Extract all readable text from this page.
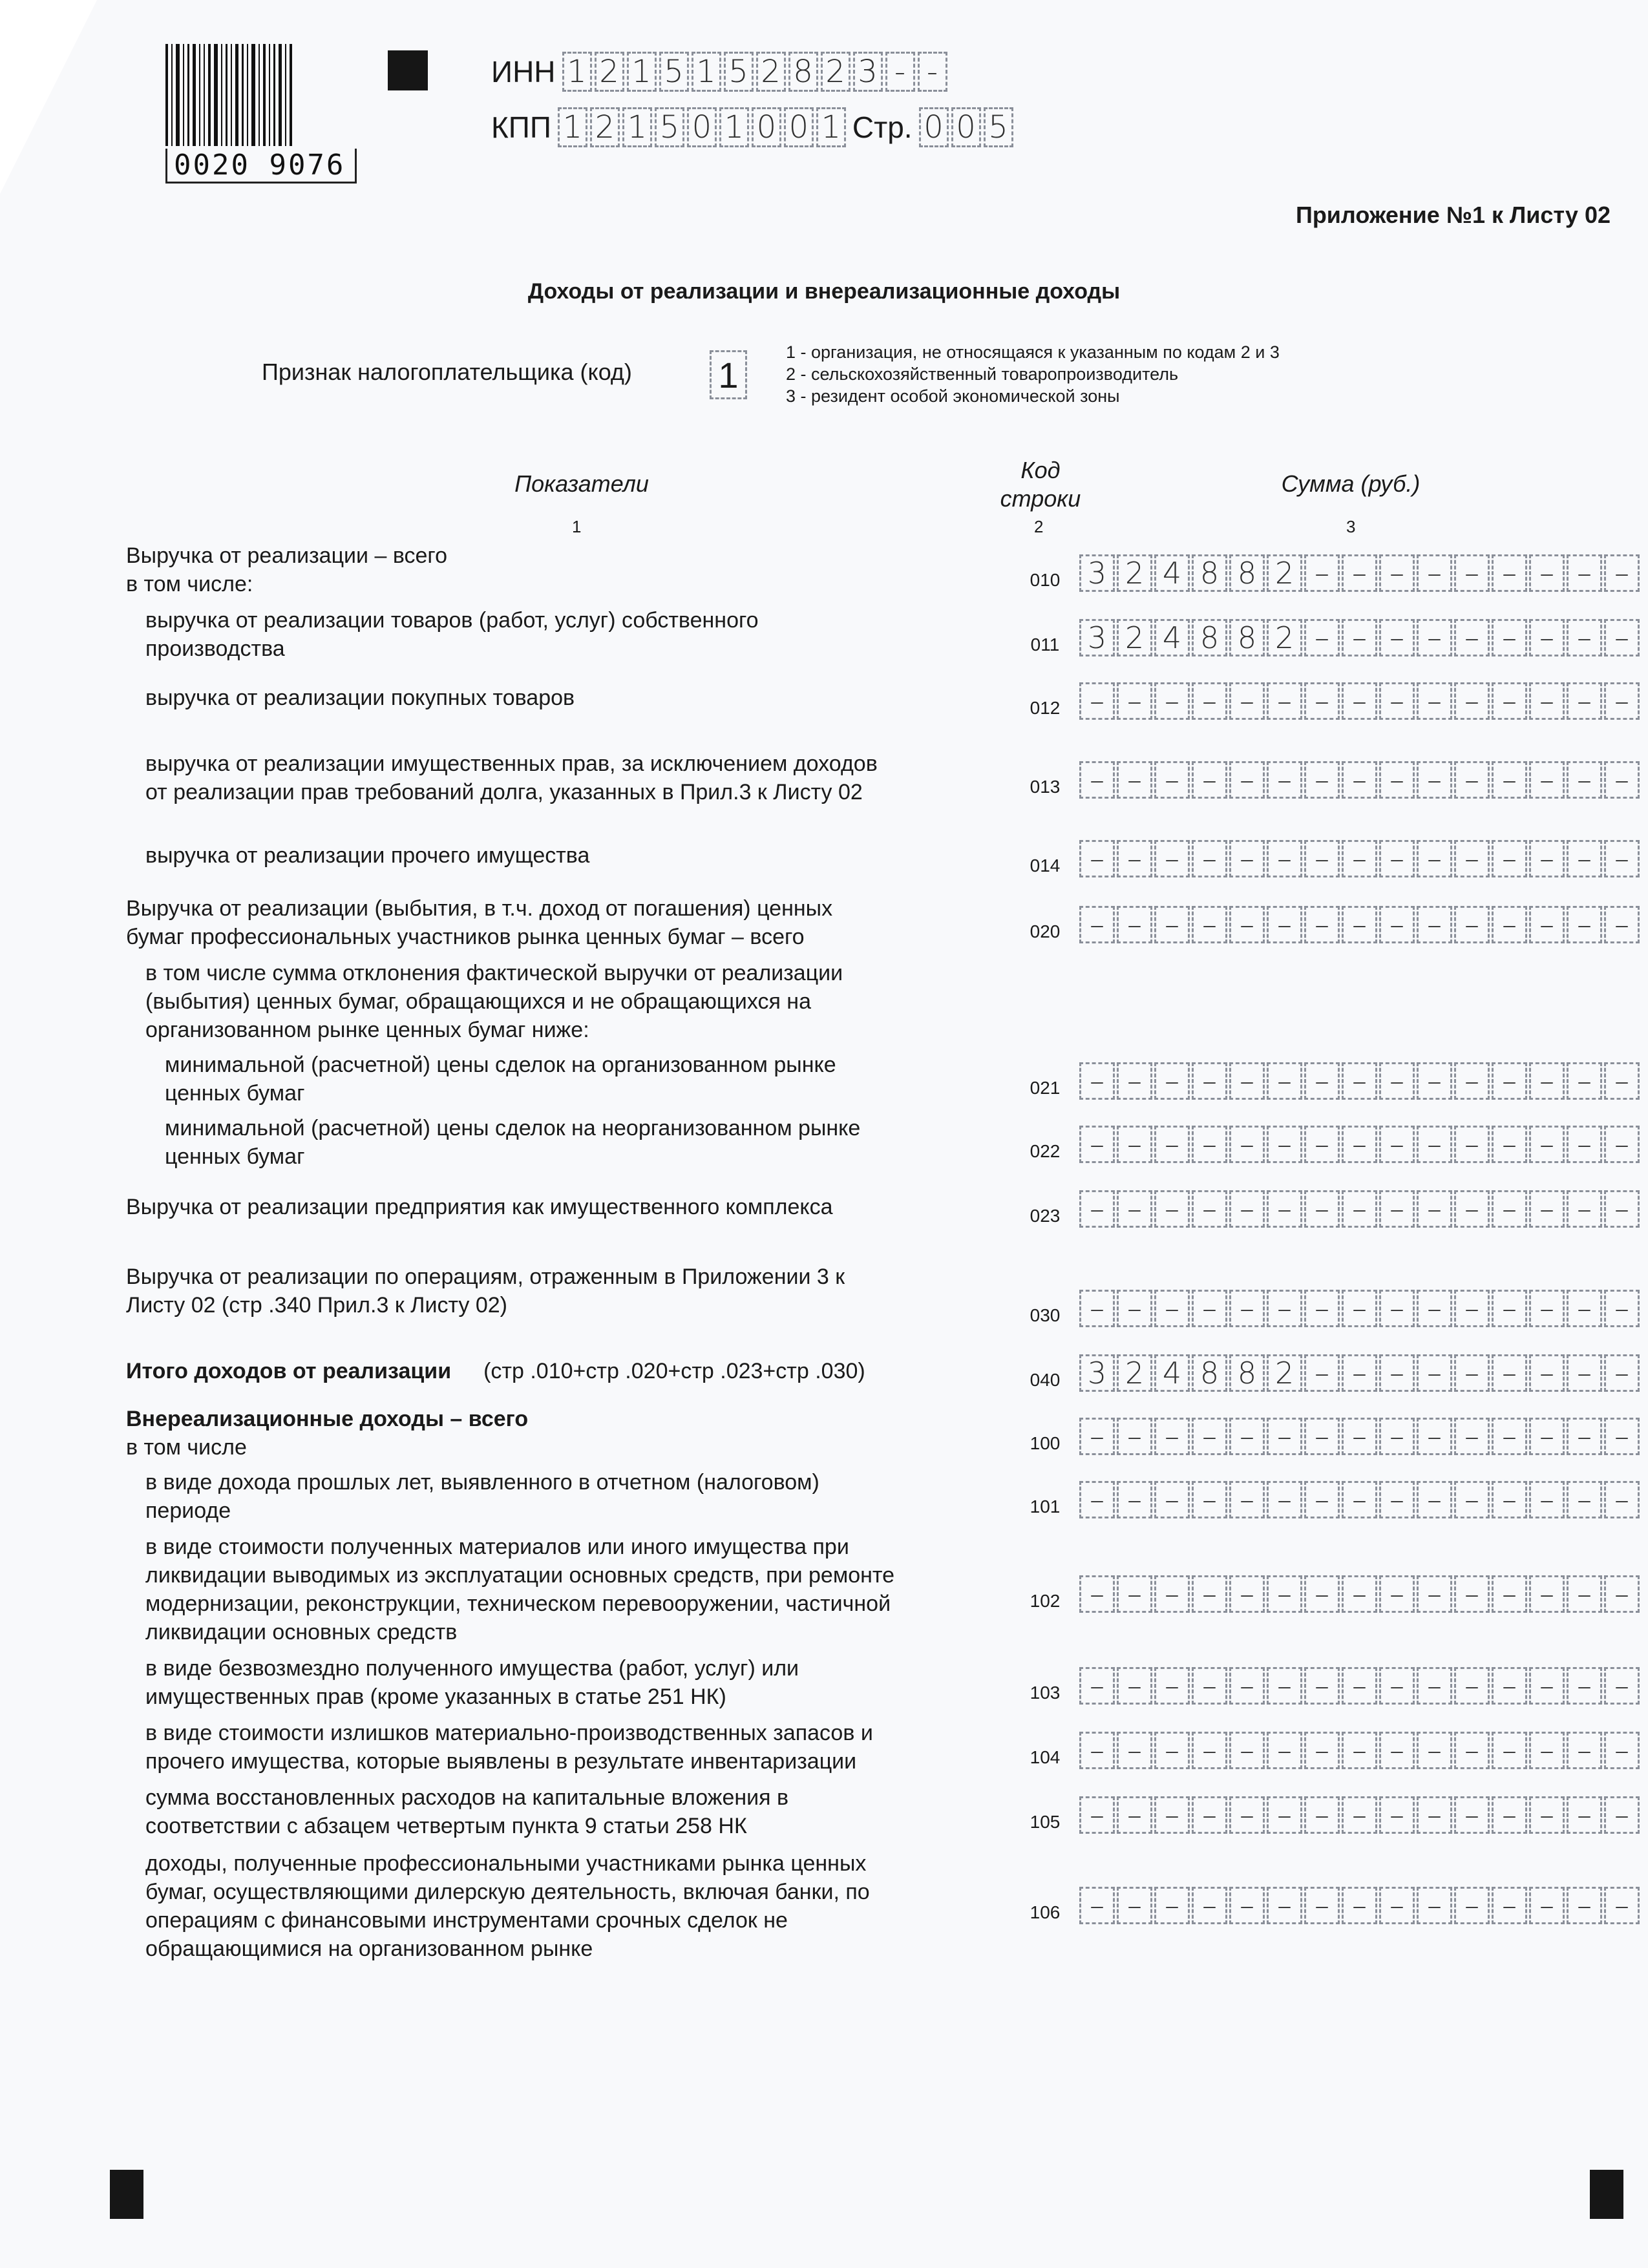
0020 9076
ИНН 1 2 1 5 1 5 2 8 2 3 - -
КПП 1 2 1 5 0 1 0 0 1 Стр. 0 0 5
Приложение №1 к Листу 02
Доходы от реализации и внереализационные доходы
Признак налогоплательщика (код) 1
1 - организация, не относящаяся к указанным по кодам 2 и 3
2 - сельскохозяйственный товаропроизводитель
3 - резидент особой экономической зоны
Показатели
Код
строки
Сумма (руб.)
1	2	3
Выручка от реализации – всего
в том числе:	010 3 2 4 8 8 2 – – – – – – – – –
выручка от реализации товаров (работ, услуг) собственного
производства	011 3 2 4 8 8 2 – – – – – – – – –
выручка от реализации покупных товаров	012 – – – – – – – – – – – – – – –
выручка от реализации имущественных прав, за исключением доходов
от реализации прав требований долга, указанных в Прил.3 к Листу 02	013 – – – – – – – – – – – – – – –
выручка от реализации прочего имущества	014 – – – – – – – – – – – – – – –
Выручка от реализации (выбытия, в т.ч. доход от погашения) ценных
бумаг профессиональных участников рынка ценных бумаг – всего	020 – – – – – – – – – – – – – – –
в том числе сумма отклонения фактической выручки от реализации
(выбытия) ценных бумаг, обращающихся и не обращающихся на
организованном рынке ценных бумаг ниже:
минимальной (расчетной) цены сделок на организованном рынке
ценных бумаг	021 – – – – – – – – – – – – – – –
минимальной (расчетной) цены сделок на неорганизованном рынке
ценных бумаг	022 – – – – – – – – – – – – – – –
Выручка от реализации предприятия как имущественного комплекса	023 – – – – – – – – – – – – – – –
Выручка от реализации по операциям, отраженным в Приложении 3 к
Листу 02 (стр .340 Прил.3 к Листу 02)	030 – – – – – – – – – – – – – – –
Итого доходов от реализации (стр .010+стр .020+стр .023+стр .030)	040 3 2 4 8 8 2 – – – – – – – – –
Внереализационные доходы – всего
в том числе	100 – – – – – – – – – – – – – – –
в виде дохода прошлых лет, выявленного в отчетном (налоговом)
периоде	101 – – – – – – – – – – – – – – –
в виде стоимости полученных материалов или иного имущества при
ликвидации выводимых из эксплуатации основных средств, при ремонте
модернизации, реконструкции, техническом перевооружении, частичной
ликвидации основных средств
102 – – – – – – – – – – – – – – –
в виде безвозмездно полученного имущества (работ, услуг) или
имущественных прав (кроме указанных в статье 251 НК)	103 – – – – – – – – – – – – – – –
в виде стоимости излишков материально-производственных запасов и
прочего имущества, которые выявлены в результате инвентаризации	104 – – – – – – – – – – – – – – –
сумма восстановленных расходов на капитальные вложения в
соответствии с абзацем четвертым пункта 9 статьи 258 НК	105 – – – – – – – – – – – – – – –
доходы, полученные профессиональными участниками рынка ценных
бумаг, осуществляющими дилерскую деятельность, включая банки, по
операциям с финансовыми инструментами срочных сделок не
обращающимися на организованном рынке
106 – – – – – – – – – – – – – – –
